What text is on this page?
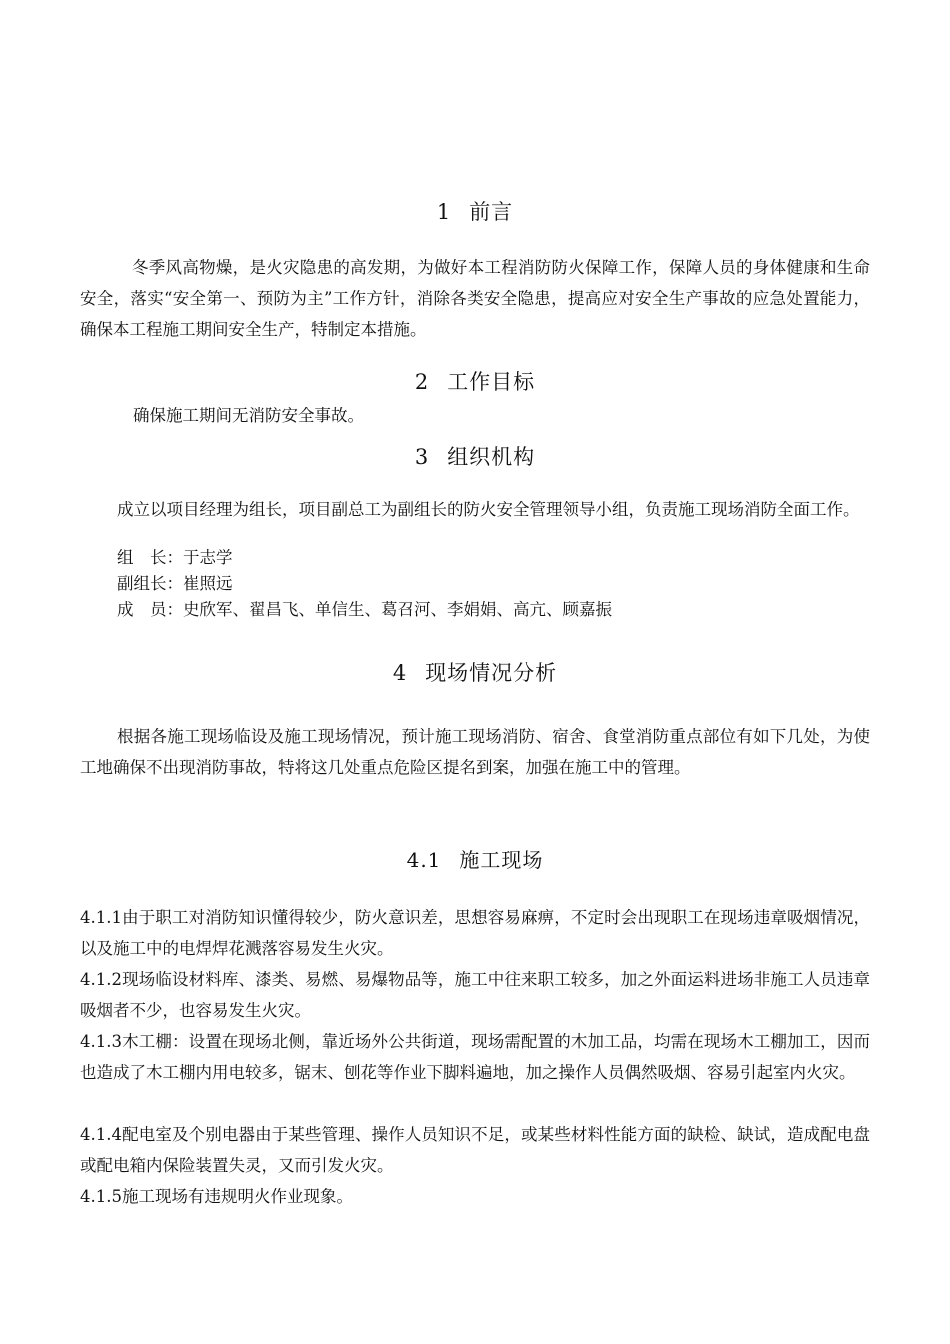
1 前言

冬季风高物燥，是火灾隐患的高发期，为做好本工程消防防火保障工作，保障人员的身体健康和生命安全，落实“安全第一、预防为主”工作方针，消除各类安全隐患，提高应对安全生产事故的应急处置能力，确保本工程施工期间安全生产，特制定本措施。

2 工作目标

确保施工期间无消防安全事故。

3 组织机构

成立以项目经理为组长，项目副总工为副组长的防火安全管理领导小组，负责施工现场消防全面工作。

组　长：于志学

副组长：崔照远

成　员：史欣军、翟昌飞、单信生、葛召河、李娟娟、高亢、顾嘉振

4 现场情况分析

根据各施工现场临设及施工现场情况，预计施工现场消防、宿舍、食堂消防重点部位有如下几处，为使工地确保不出现消防事故，特将这几处重点危险区提名到案，加强在施工中的管理。

4.1 施工现场

4.1.1由于职工对消防知识懂得较少，防火意识差，思想容易麻痹，不定时会出现职工在现场违章吸烟情况，以及施工中的电焊焊花溅落容易发生火灾。

4.1.2现场临设材料库、漆类、易燃、易爆物品等，施工中往来职工较多，加之外面运料进场非施工人员违章吸烟者不少，也容易发生火灾。

4.1.3木工棚：设置在现场北侧，靠近场外公共街道，现场需配置的木加工品，均需在现场木工棚加工，因而也造成了木工棚内用电较多，锯末、刨花等作业下脚料遍地，加之操作人员偶然吸烟、容易引起室内火灾。

4.1.4配电室及个别电器由于某些管理、操作人员知识不足，或某些材料性能方面的缺检、缺试，造成配电盘或配电箱内保险装置失灵，又而引发火灾。

4.1.5施工现场有违规明火作业现象。
